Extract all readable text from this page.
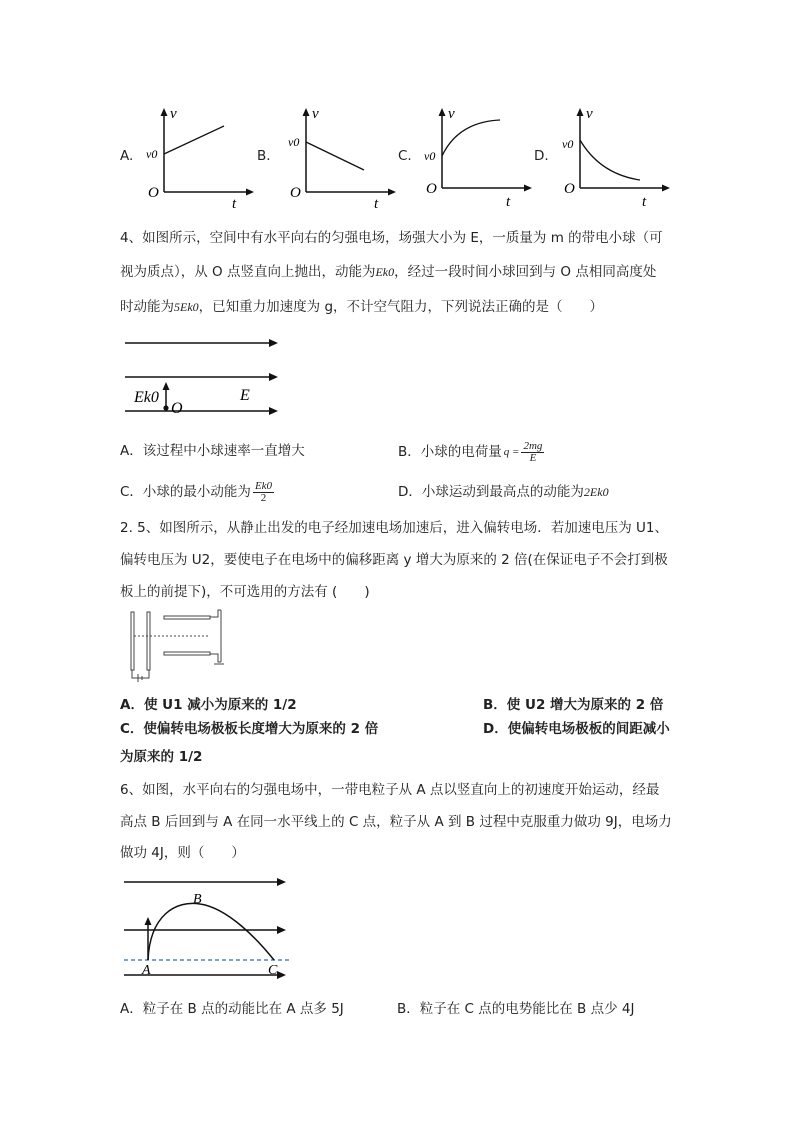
A.
v
v0
O
t
B.
v
v0
O
t
C.
v
v0
O
t
D.
v
v0
O
t
4、如图所示，空间中有水平向右的匀强电场，场强大小为 E，一质量为 m 的带电小球（可
视为质点），从 O 点竖直向上抛出，动能为Ek0，经过一段时间小球回到与 O 点相同高度处
时动能为5Ek0，已知重力加速度为 g，不计空气阻力，下列说法正确的是（　　）
Ek0
O
E
A．该过程中小球速率一直增大	B．小球的电荷量 $q = \frac{2mg}{E}$
C．小球的最小动能为 $\frac{Ek0}{2}$	D．小球运动到最高点的动能为2Ek0
2. 5、如图所示，从静止出发的电子经加速电场加速后，进入偏转电场．若加速电压为 U1、
偏转电压为 U2，要使电子在电场中的偏移距离 y 增大为原来的 2 倍(在保证电子不会打到极
板上的前提下)，不可选用的方法有 (　　)
A．使 U1 减小为原来的 1/2	B．使 U2 增大为原来的 2 倍
C．使偏转电场极板长度增大为原来的 2 倍	D．使偏转电场极板的间距减小
为原来的 1/2
6、如图，水平向右的匀强电场中，一带电粒子从 A 点以竖直向上的初速度开始运动，经最
高点 B 后回到与 A 在同一水平线上的 C 点，粒子从 A 到 B 过程中克服重力做功 9J，电场力
做功 4J，则（　　）
A
B
C
A．粒子在 B 点的动能比在 A 点多 5J	B．粒子在 C 点的电势能比在 B 点少 4J
